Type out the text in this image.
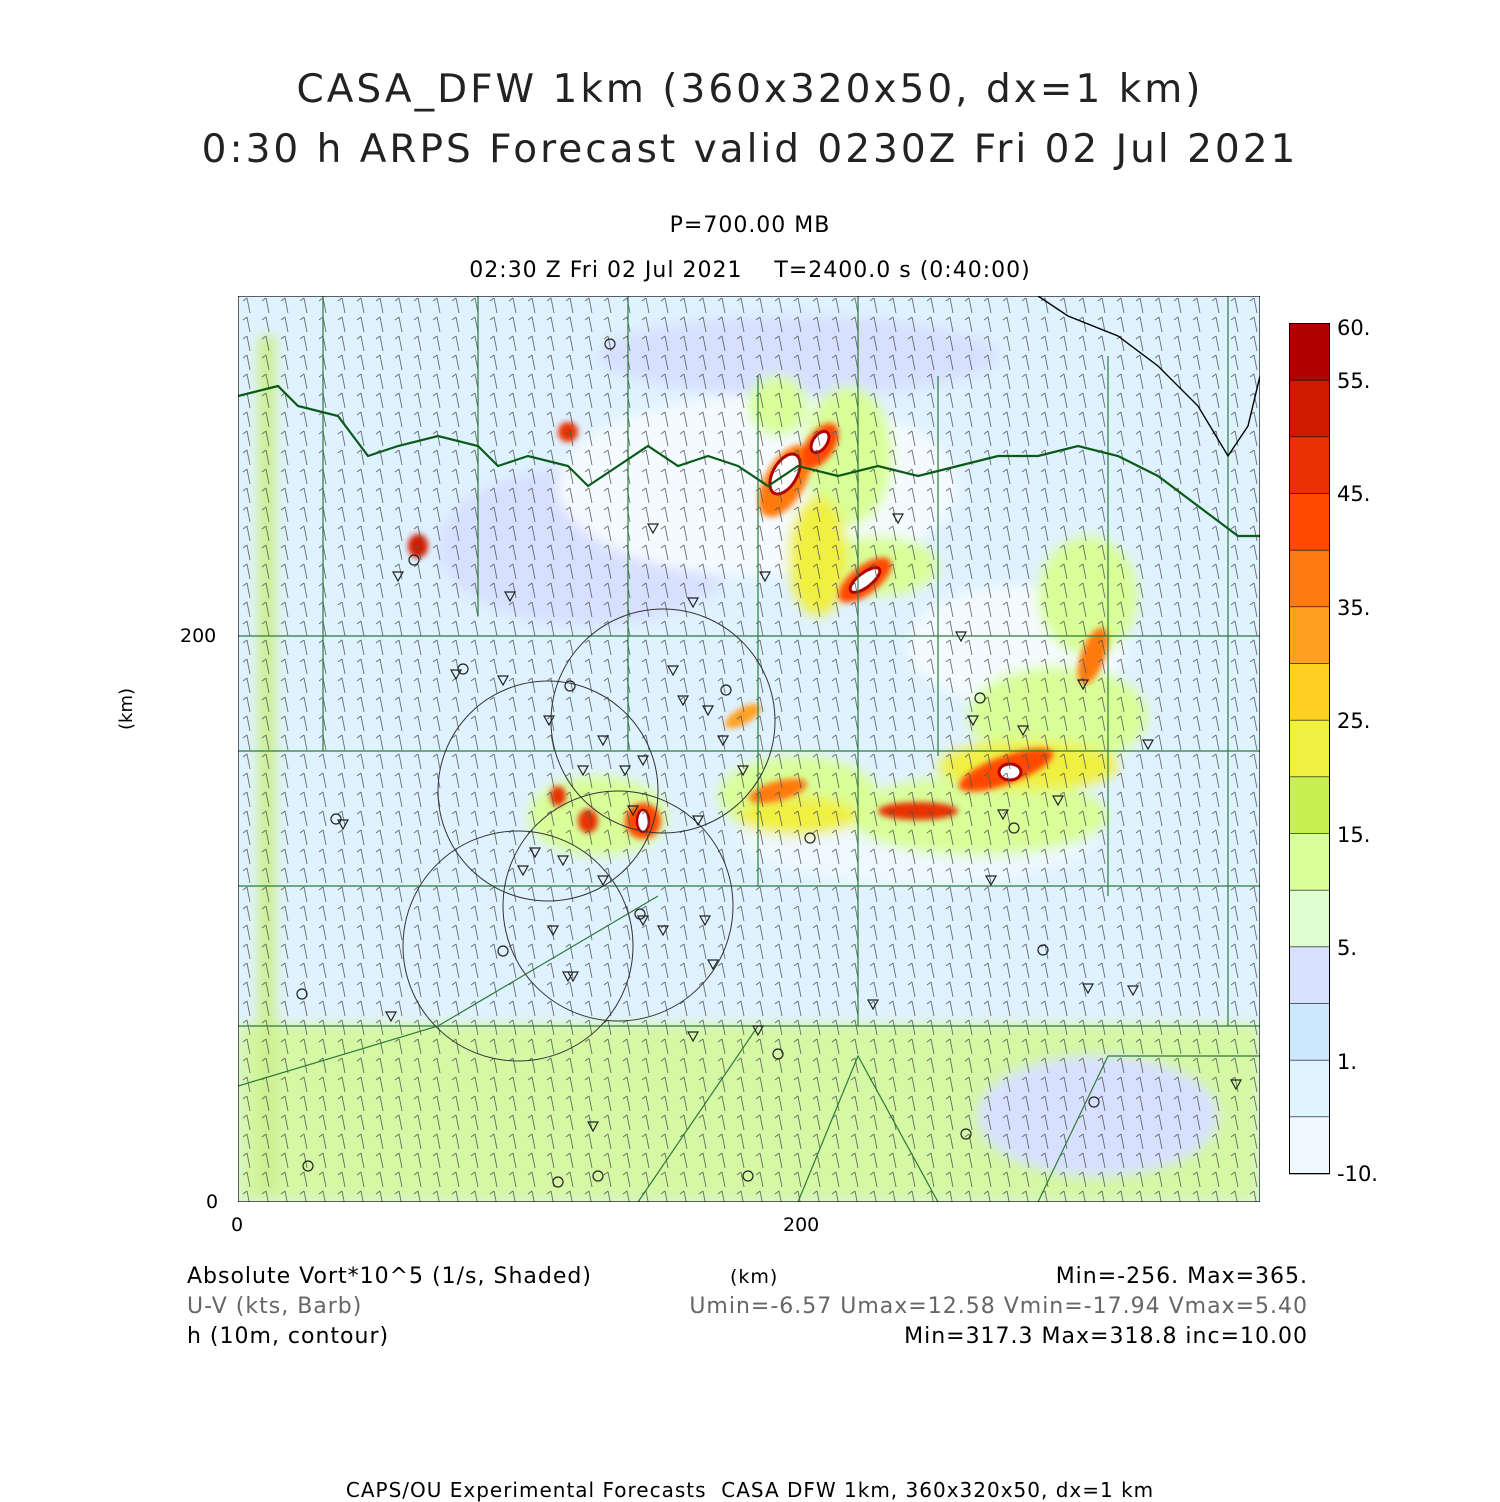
CASA_DFW 1km (360x320x50, dx=1 km)
0:30 h ARPS Forecast valid 0230Z Fri 02 Jul 2021
P=700.00 MB
02:30 Z Fri 02 Jul 2021    T=2400.0 s (0:40:00)
(km)
200
0
0	200
60.
55.
45.
35.
25.
15.
5.
1.
-10.
Absolute Vort*10^5 (1/s, Shaded)	(km)	Min=-256. Max=365.
U-V (kts, Barb)	Umin=-6.57 Umax=12.58 Vmin=-17.94 Vmax=5.40
h (10m, contour)	Min=317.3 Max=318.8 inc=10.00
CAPS/OU Experimental Forecasts  CASA DFW 1km, 360x320x50, dx=1 km
